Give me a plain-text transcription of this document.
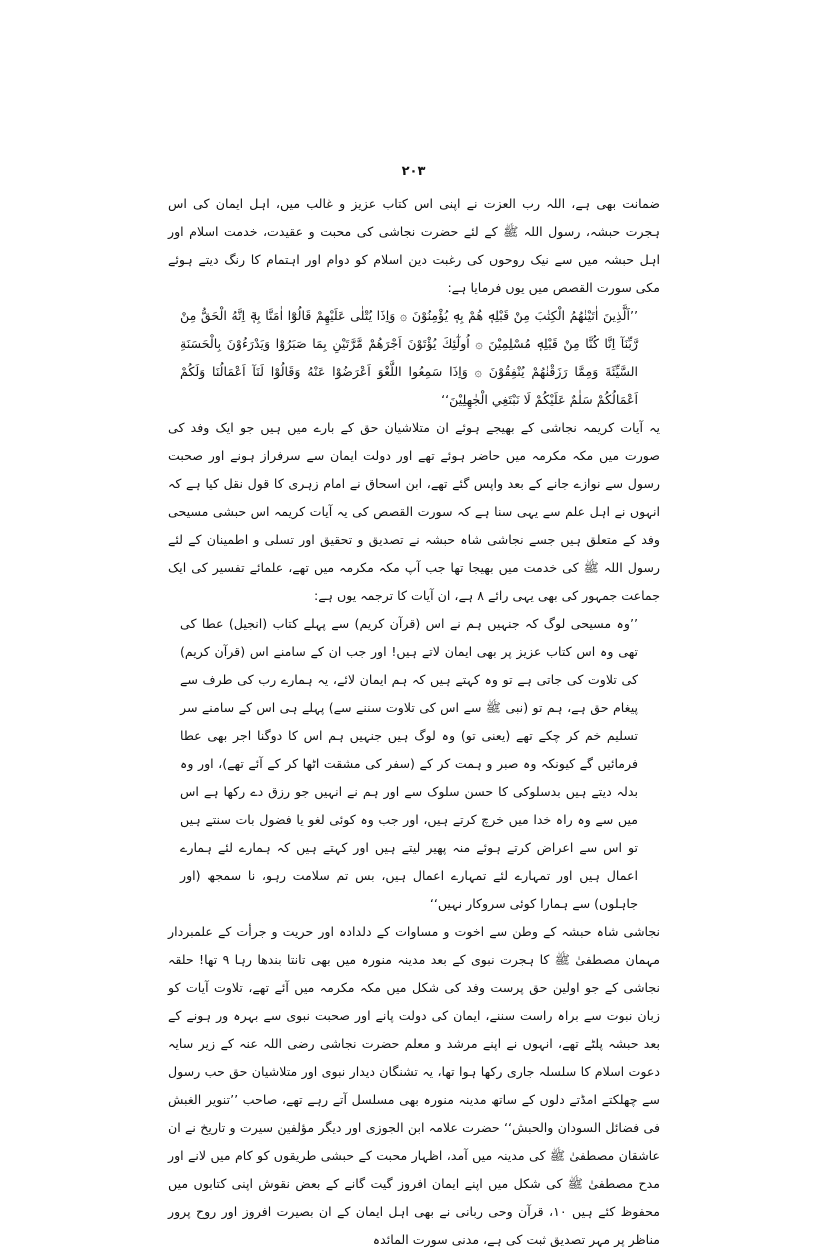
۲۰۳

ضمانت بھی ہے، اللہ رب العزت نے اپنی اس کتاب عزیز و غالب میں، اہل ایمان کی اس ہجرت حبشہ، رسول اللہ ﷺ کے لئے حضرت نجاشی کی محبت و عقیدت، خدمت اسلام اور اہل حبشہ میں سے نیک روحوں کی رغبت دین اسلام کو دوام اور اہتمام کا رنگ دیتے ہوئے مکی سورت القصص میں یوں فرمایا ہے:

’’اَلَّذِينَ اٰتَيْنٰهُمُ الْكِتٰبَ مِنْ قَبْلِهٖ هُمْ بِهٖ يُؤْمِنُوْنَ ۞ وَاِذَا يُتْلٰى عَلَيْهِمْ قَالُوْٓا اٰمَنَّا بِهٖٓ اِنَّهُ الْحَقُّ مِنْ رَّبِّنَآ اِنَّا كُنَّا مِنْ قَبْلِهٖ مُسْلِمِيْنَ ۞ اُولٰٓئِكَ يُؤْتَوْنَ اَجْرَهُمْ مَّرَّتَيْنِ بِمَا صَبَرُوْا وَيَدْرَءُوْنَ بِالْحَسَنَةِ السَّيِّئَةَ وَمِمَّا رَزَقْنٰهُمْ يُنْفِقُوْنَ ۞ وَاِذَا سَمِعُوا اللَّغْوَ اَعْرَضُوْا عَنْهُ وَقَالُوْا لَنَآ اَعْمَالُنَا وَلَكُمْ اَعْمَالُكُمْ سَلٰمٌ عَلَيْكُمْ لَا نَبْتَغِي الْجٰهِلِيْنَ‘‘

یہ آیات کریمہ نجاشی کے بھیجے ہوئے ان متلاشیان حق کے بارے میں ہیں جو ایک وفد کی صورت میں مکہ مکرمہ میں حاضر ہوئے تھے اور دولت ایمان سے سرفراز ہونے اور صحبت رسول سے نوازے جانے کے بعد واپس گئے تھے، ابن اسحاق نے امام زہری کا قول نقل کیا ہے کہ انہوں نے اہل علم سے یہی سنا ہے کہ سورت القصص کی یہ آیات کریمہ اس حبشی مسیحی وفد کے متعلق ہیں جسے نجاشی شاہ حبشہ نے تصدیق و تحقیق اور تسلی و اطمینان کے لئے رسول اللہ ﷺ کی خدمت میں بھیجا تھا جب آپ مکہ مکرمہ میں تھے، علمائے تفسیر کی ایک جماعت جمہور کی بھی یہی رائے ۸ ہے، ان آیات کا ترجمہ یوں ہے:

’’وہ مسیحی لوگ کہ جنہیں ہم نے اس (قرآن کریم) سے پہلے کتاب (انجیل) عطا کی تھی وہ اس کتاب عزیز پر بھی ایمان لاتے ہیں! اور جب ان کے سامنے اس (قرآن کریم) کی تلاوت کی جاتی ہے تو وہ کہتے ہیں کہ ہم ایمان لائے، یہ ہمارے رب کی طرف سے پیغام حق ہے، ہم تو (نبی ﷺ سے اس کی تلاوت سننے سے) پہلے ہی اس کے سامنے سر تسلیم خم کر چکے تھے (یعنی تو) وہ لوگ ہیں جنہیں ہم اس کا دوگنا اجر بھی عطا فرمائیں گے کیونکہ وہ صبر و ہمت کر کے (سفر کی مشقت اٹھا کر کے آئے تھے)، اور وہ بدلہ دیتے ہیں بدسلوکی کا حسن سلوک سے اور ہم نے انہیں جو رزق دے رکھا ہے اس میں سے وہ راہ خدا میں خرچ کرتے ہیں، اور جب وہ کوئی لغو یا فضول بات سنتے ہیں تو اس سے اعراض کرتے ہوئے منہ پھیر لیتے ہیں اور کہتے ہیں کہ ہمارے لئے ہمارے اعمال ہیں اور تمہارے لئے تمہارے اعمال ہیں، بس تم سلامت رہو، نا سمجھ (اور جاہلوں) سے ہمارا کوئی سروکار نہیں‘‘

نجاشی شاہ حبشہ کے وطن سے اخوت و مساوات کے دلدادہ اور حریت و جرأت کے علمبردار مہمان مصطفیٰ ﷺ کا ہجرت نبوی کے بعد مدینہ منورہ میں بھی تانتا بندھا رہا ۹ تھا! حلقہ نجاشی کے جو اولین حق پرست وفد کی شکل میں مکہ مکرمہ میں آئے تھے، تلاوت آیات کو زبان نبوت سے براہ راست سننے، ایمان کی دولت پانے اور صحبت نبوی سے بہرہ ور ہونے کے بعد حبشہ پلٹے تھے، انہوں نے اپنے مرشد و معلم حضرت نجاشی رضی اللہ عنہ کے زیر سایہ دعوت اسلام کا سلسلہ جاری رکھا ہوا تھا، یہ تشنگان دیدار نبوی اور متلاشیان حق حب رسول سے چھلکتے امڈتے دلوں کے ساتھ مدینہ منورہ بھی مسلسل آتے رہے تھے، صاحب ’’تنویر الغبش فی فضائل السودان والحبش‘‘ حضرت علامہ ابن الجوزی اور دیگر مؤلفین سیرت و تاریخ نے ان عاشقان مصطفیٰ ﷺ کی مدینہ میں آمد، اظہار محبت کے حبشی طریقوں کو کام میں لانے اور مدح مصطفیٰ ﷺ کی شکل میں اپنے ایمان افروز گیت گانے کے بعض نقوش اپنی کتابوں میں محفوظ کئے ہیں ۱۰، قرآن وحی ربانی نے بھی اہل ایمان کے ان بصیرت افروز اور روح پرور مناظر پر مہر تصدیق ثبت کی ہے، مدنی سورت المائدہ
